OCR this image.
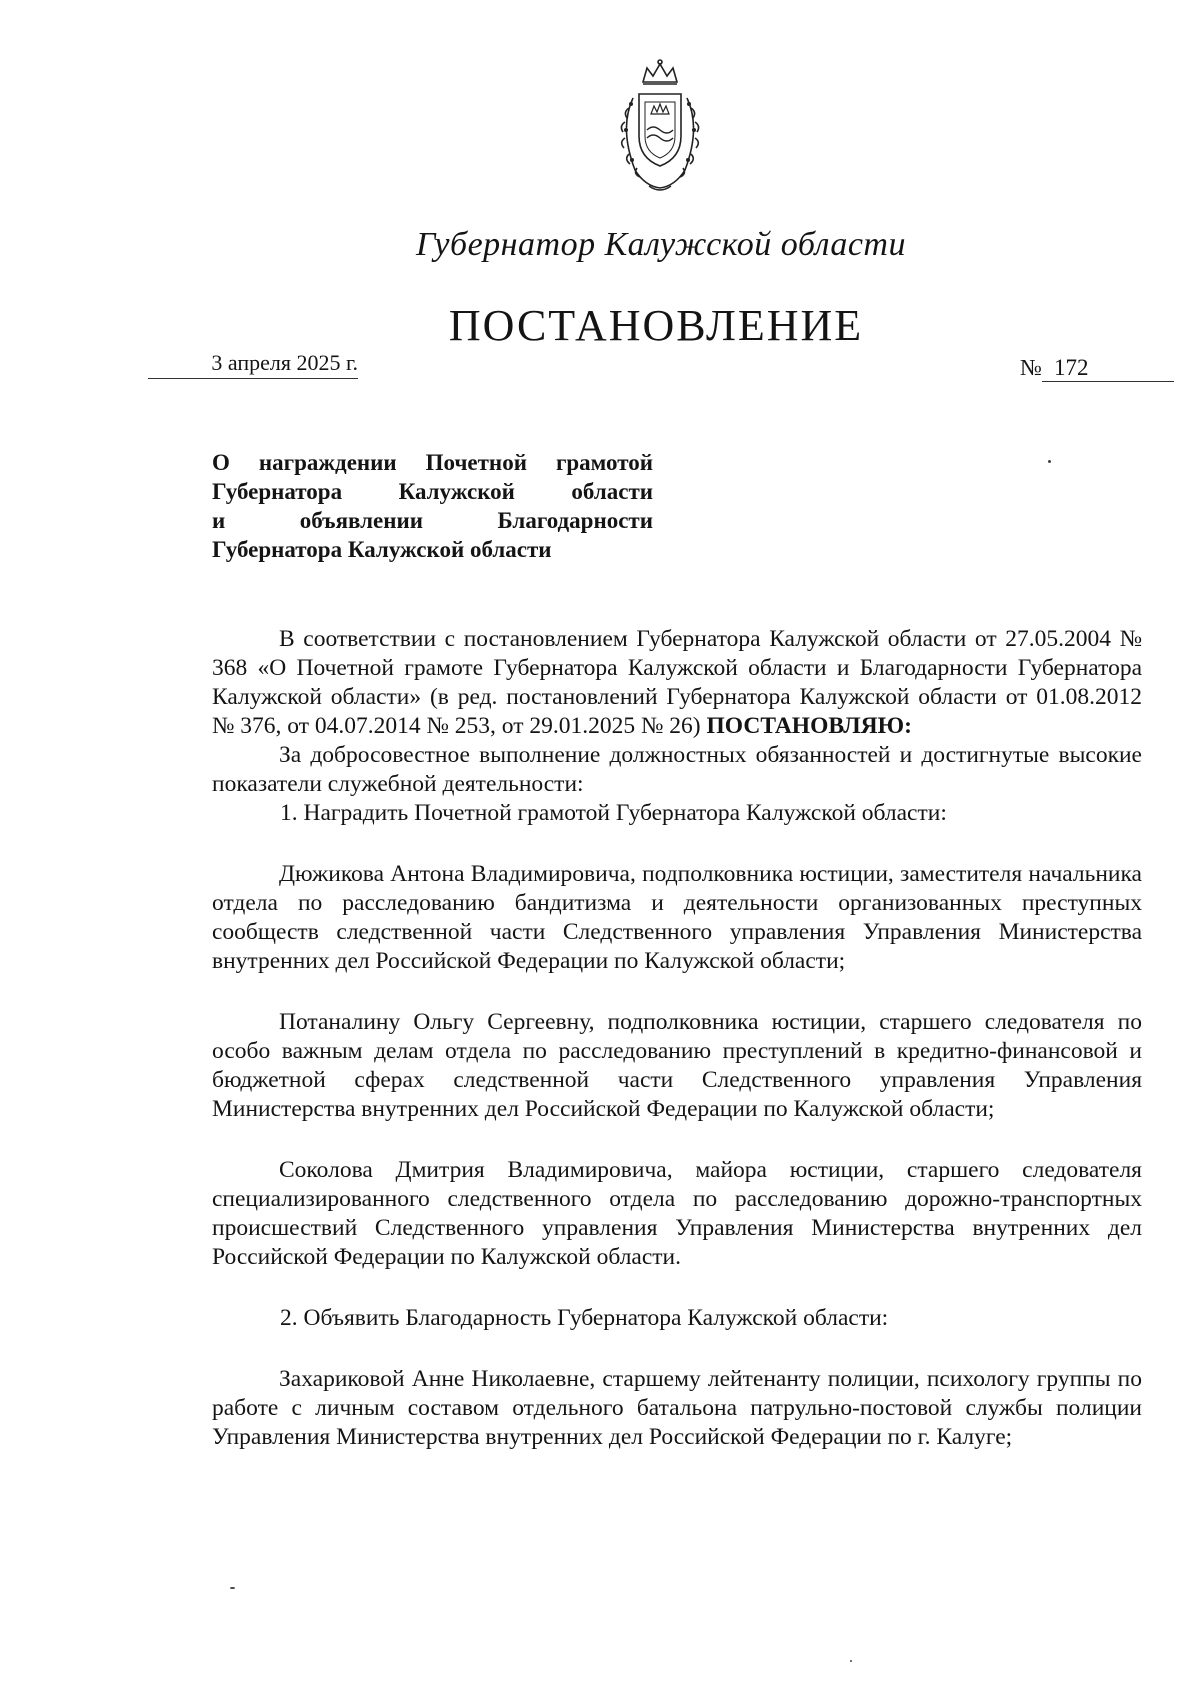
Губернатор Калужской области
ПОСТАНОВЛЕНИЕ
3 апреля 2025 г.	№ 172
О награждении Почетной грамотой
Губернатора Калужской области
и объявлении Благодарности
Губернатора Калужской области

В соответствии с постановлением Губернатора Калужской области от 27.05.2004 № 368 «О Почетной грамоте Губернатора Калужской области и Благодарности Губернатора Калужской области» (в ред. постановлений Губернатора Калужской области от 01.08.2012 № 376, от 04.07.2014 № 253, от 29.01.2025 № 26) ПОСТАНОВЛЯЮ:

За добросовестное выполнение должностных обязанностей и достигнутые высокие показатели служебной деятельности:

1. Наградить Почетной грамотой Губернатора Калужской области:

Дюжикова Антона Владимировича, подполковника юстиции, заместителя начальника отдела по расследованию бандитизма и деятельности организованных преступных сообществ следственной части Следственного управления Управления Министерства внутренних дел Российской Федерации по Калужской области;

Потаналину Ольгу Сергеевну, подполковника юстиции, старшего следователя по особо важным делам отдела по расследованию преступлений в кредитно-финансовой и бюджетной сферах следственной части Следственного управления Управления Министерства внутренних дел Российской Федерации по Калужской области;

Соколова Дмитрия Владимировича, майора юстиции, старшего следователя специализированного следственного отдела по расследованию дорожно-транспортных происшествий Следственного управления Управления Министерства внутренних дел Российской Федерации по Калужской области.

2. Объявить Благодарность Губернатора Калужской области:

Захариковой Анне Николаевне, старшему лейтенанту полиции, психологу группы по работе с личным составом отдельного батальона патрульно-постовой службы полиции Управления Министерства внутренних дел Российской Федерации по г. Калуге;
